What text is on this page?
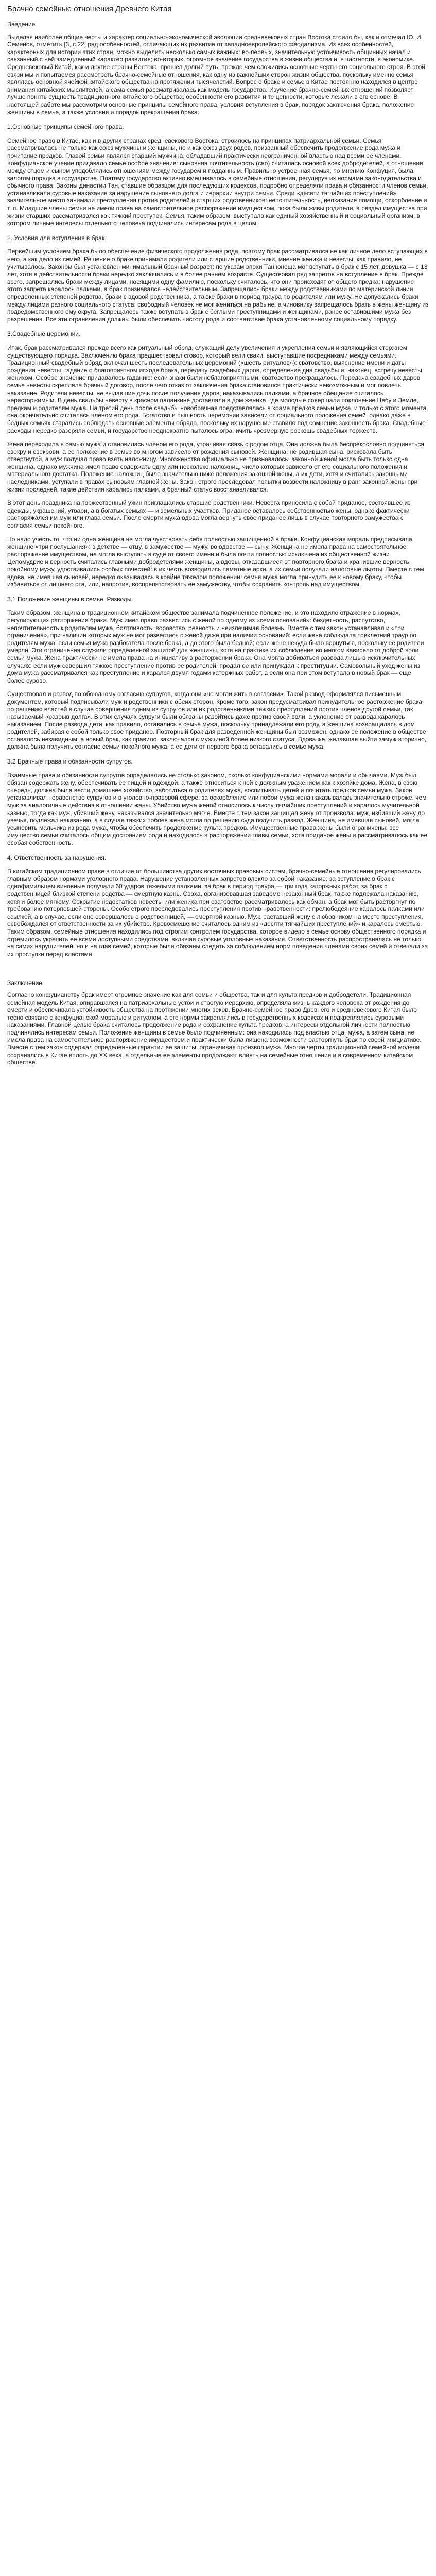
Брачно семейные отношения Древнего Китая
Введение

Выделяя наиболее общие черты и характер социально-экономической эволюции средневековых стран Востока стоило бы, как и отмечал Ю. И. Семенов, отметить [3, с.22] ряд особенностей, отличающих их развитие от западноевропейского феодализма. Из всех особенностей, характерных для истории этих стран, можно выделить несколько самых важных: во-первых, значительную устойчивость общинных начал и связанный с ней замедленный характер развития; во-вторых, огромное значение государства в жизни общества и, в частности, в экономике. Средневековый Китай, как и другие страны Востока, прошел долгий путь, прежде чем сложились основные черты его социального строя. В этой связи мы и попытаемся рассмотреть брачно-семейные отношения, как одну из важнейших сторон жизни общества, поскольку именно семья являлась основной ячейкой китайского общества на протяжении тысячелетий. Вопрос о браке и семье в Китае постоянно находился в центре внимания китайских мыслителей, а сама семья рассматривалась как модель государства. Изучение брачно-семейных отношений позволяет лучше понять сущность традиционного китайского общества, особенности его развития и те ценности, которые лежали в его основе. В настоящей работе мы рассмотрим основные принципы семейного права, условия вступления в брак, порядок заключения брака, положение женщины в семье, а также условия и порядок прекращения брака.

1.Основные принципы семейного права.

Семейное право в Китае, как и в других странах средневекового Востока, строилось на принципах патриархальной семьи. Семья рассматривалась не только как союз мужчины и женщины, но и как союз двух родов, призванный обеспечить продолжение рода мужа и почитание предков. Главой семьи являлся старший мужчина, обладавший практически неограниченной властью над всеми ее членами. Конфуцианское учение придавало семье особое значение: сыновняя почтительность (сяо) считалась основой всех добродетелей, а отношения между отцом и сыном уподоблялись отношениям между государем и подданным. Правильно устроенная семья, по мнению Конфуция, была залогом порядка в государстве. Поэтому государство активно вмешивалось в семейные отношения, регулируя их нормами законодательства и обычного права. Законы династии Тан, ставшие образцом для последующих кодексов, подробно определяли права и обязанности членов семьи, устанавливали суровые наказания за нарушение сыновнего долга и иерархии внутри семьи. Среди «десяти тягчайших преступлений» значительное место занимали преступления против родителей и старших родственников: непочтительность, неоказание помощи, оскорбление и т. п. Младшие члены семьи не имели права на самостоятельное распоряжение имуществом, пока были живы родители, а раздел имущества при жизни старших рассматривался как тяжкий проступок. Семья, таким образом, выступала как единый хозяйственный и социальный организм, в котором личные интересы отдельного человека подчинялись интересам рода в целом.

2. Условия для вступления в брак.

Первейшим условием брака было обеспечение физического продолжения рода, поэтому брак рассматривался не как личное дело вступающих в него, а как дело их семей. Решение о браке принимали родители или старшие родственники, мнение жениха и невесты, как правило, не учитывалось. Законом был установлен минимальный брачный возраст: по указам эпохи Тан юноша мог вступать в брак с 15 лет, девушка — с 13 лет, хотя в действительности браки нередко заключались и в более раннем возрасте. Существовал ряд запретов на вступление в брак. Прежде всего, запрещались браки между лицами, носящими одну фамилию, поскольку считалось, что они происходят от общего предка; нарушение этого запрета каралось палками, а брак признавался недействительным. Запрещались браки между родственниками по материнской линии определенных степеней родства, браки с вдовой родственника, а также браки в период траура по родителям или мужу. Не допускались браки между лицами разного социального статуса: свободный человек не мог жениться на рабыне, а чиновнику запрещалось брать в жены женщину из подведомственного ему округа. Запрещалось также вступать в брак с беглыми преступницами и женщинами, ранее оставившими мужа без разрешения. Все эти ограничения должны были обеспечить чистоту рода и соответствие брака установленному социальному порядку.

3.Свадебные церемонии.

Итак, брак рассматривался прежде всего как ритуальный обряд, служащий делу увеличения и укрепления семьи и являющийся стержнем существующего порядка. Заключению брака предшествовал сговор, который вели свахи, выступавшие посредниками между семьями. Традиционный свадебный обряд включал шесть последовательных церемоний («шесть ритуалов»): сватовство, выяснение имени и даты рождения невесты, гадание о благоприятном исходе брака, передачу свадебных даров, определение дня свадьбы и, наконец, встречу невесты женихом. Особое значение придавалось гаданию: если знаки были неблагоприятными, сватовство прекращалось. Передача свадебных даров семье невесты скрепляла брачный договор, после чего отказ от заключения брака становился практически невозможным и мог повлечь наказание. Родители невесты, не выдавшие дочь после получения даров, наказывались палками, а брачное обещание считалось нерасторжимым. В день свадьбы невесту в красном паланкине доставляли в дом жениха, где молодые совершали поклонение Небу и Земле, предкам и родителям мужа. На третий день после свадьбы новобрачная представлялась в храме предков семьи мужа, и только с этого момента она окончательно считалась членом его рода. Богатство и пышность церемонии зависели от социального положения семей, однако даже в бедных семьях старались соблюдать основные элементы обряда, поскольку их нарушение ставило под сомнение законность брака. Свадебные расходы нередко разоряли семьи, и государство неоднократно пыталось ограничить чрезмерную роскошь свадебных торжеств.

Жена переходила в семью мужа и становилась членом его рода, утрачивая связь с родом отца. Она должна была беспрекословно подчиняться свекру и свекрови, а ее положение в семье во многом зависело от рождения сыновей. Женщина, не родившая сына, рисковала быть отвергнутой, а муж получал право взять наложницу. Многоженство официально не признавалось: законной женой могла быть только одна женщина, однако мужчина имел право содержать одну или несколько наложниц, число которых зависело от его социального положения и материального достатка. Положение наложниц было значительно ниже положения законной жены, а их дети, хотя и считались законными наследниками, уступали в правах сыновьям главной жены. Закон строго преследовал попытки возвести наложницу в ранг законной жены при жизни последней, такие действия карались палками, а брачный статус восстанавливался.

В этот день праздника на торжественный ужин приглашались старшие родственники. Невеста приносила с собой приданое, состоявшее из одежды, украшений, утвари, а в богатых семьях — и земельных участков. Приданое оставалось собственностью жены, однако фактически распоряжался им муж или глава семьи. После смерти мужа вдова могла вернуть свое приданое лишь в случае повторного замужества с согласия семьи покойного.

Но надо учесть то, что ни одна женщина не могла чувствовать себя полностью защищенной в браке. Конфуцианская мораль предписывала женщине «три послушания»: в детстве — отцу, в замужестве — мужу, во вдовстве — сыну. Женщина не имела права на самостоятельное распоряжение имуществом, не могла выступать в суде от своего имени и была почти полностью исключена из общественной жизни. Целомудрие и верность считались главными добродетелями женщины, а вдовы, отказавшиеся от повторного брака и хранившие верность покойному мужу, удостаивались особых почестей: в их честь возводились памятные арки, а их семьи получали налоговые льготы. Вместе с тем вдова, не имевшая сыновей, нередко оказывалась в крайне тяжелом положении: семья мужа могла принудить ее к новому браку, чтобы избавиться от лишнего рта, или, напротив, воспрепятствовать ее замужеству, чтобы сохранить контроль над имуществом.

3.1 Положение женщины в семье. Разводы.

Таким образом, женщина в традиционном китайском обществе занимала подчиненное положение, и это находило отражение в нормах, регулирующих расторжение брака. Муж имел право развестись с женой по одному из «семи оснований»: бездетность, распутство, непочтительность к родителям мужа, болтливость, воровство, ревность и неизлечимая болезнь. Вместе с тем закон устанавливал и «три ограничения», при наличии которых муж не мог развестись с женой даже при наличии оснований: если жена соблюдала трехлетний траур по родителям мужа; если семья мужа разбогатела после брака, а до этого была бедной; если жене некуда было вернуться, поскольку ее родители умерли. Эти ограничения служили определенной защитой для женщины, хотя на практике их соблюдение во многом зависело от доброй воли семьи мужа. Жена практически не имела права на инициативу в расторжении брака. Она могла добиваться развода лишь в исключительных случаях: если муж совершил тяжкое преступление против ее родителей, продал ее или принуждал к проституции. Самовольный уход жены из дома мужа рассматривался как преступление и карался двумя годами каторжных работ, а если она при этом вступала в новый брак — еще более сурово.

Существовал и развод по обоюдному согласию супругов, когда они «не могли жить в согласии». Такой развод оформлялся письменным документом, который подписывали муж и родственники с обеих сторон. Кроме того, закон предусматривал принудительное расторжение брака по решению властей в случае совершения одним из супругов или их родственниками тяжких преступлений против членов другой семьи, так называемый «разрыв долга». В этих случаях супруги были обязаны разойтись даже против своей воли, а уклонение от развода каралось наказанием. После развода дети, как правило, оставались в семье мужа, поскольку принадлежали его роду, а женщина возвращалась в дом родителей, забирая с собой только свое приданое. Повторный брак для разведенной женщины был возможен, однако ее положение в обществе оставалось незавидным, а новый брак, как правило, заключался с мужчиной более низкого статуса. Вдова же, желавшая выйти замуж вторично, должна была получить согласие семьи покойного мужа, а ее дети от первого брака оставались в семье мужа.

3.2 Брачные права и обязанности супругов.

Взаимные права и обязанности супругов определялись не столько законом, сколько конфуцианскими нормами морали и обычаями. Муж был обязан содержать жену, обеспечивать ее пищей и одеждой, а также относиться к ней с должным уважением как к хозяйке дома. Жена, в свою очередь, должна была вести домашнее хозяйство, заботиться о родителях мужа, воспитывать детей и почитать предков семьи мужа. Закон устанавливал неравенство супругов и в уголовно-правовой сфере: за оскорбление или побои мужа жена наказывалась значительно строже, чем муж за аналогичные действия в отношении жены. Убийство мужа женой относилось к числу тягчайших преступлений и каралось мучительной казнью, тогда как муж, убивший жену, наказывался значительно мягче. Вместе с тем закон защищал жену от произвола: муж, избивший жену до увечья, подлежал наказанию, а в случае тяжких побоев жена могла по решению суда получить развод. Женщина, не имевшая сыновей, могла усыновить мальчика из рода мужа, чтобы обеспечить продолжение культа предков. Имущественные права жены были ограничены: все имущество семьи считалось общим достоянием рода и находилось в распоряжении главы семьи, хотя приданое жены и рассматривалось как ее особая собственность.

4. Ответственность за нарушения.

В китайском традиционном праве в отличие от большинства других восточных правовых систем, брачно-семейные отношения регулировались главным образом нормами уголовного права. Нарушение установленных запретов влекло за собой наказание: за вступление в брак с однофамильцем виновные получали 60 ударов тяжелыми палками, за брак в период траура — три года каторжных работ, за брак с родственницей близкой степени родства — смертную казнь. Сваха, организовавшая заведомо незаконный брак, также подлежала наказанию, хотя и более мягкому. Сокрытие недостатков невесты или жениха при сватовстве рассматривалось как обман, а брак мог быть расторгнут по требованию потерпевшей стороны. Особо строго преследовались преступления против нравственности: прелюбодеяние каралось палками или ссылкой, а в случае, если оно совершалось с родственницей, — смертной казнью. Муж, заставший жену с любовником на месте преступления, освобождался от ответственности за их убийство. Кровосмешение считалось одним из «десяти тягчайших преступлений» и каралось смертью. Таким образом, семейные отношения находились под строгим контролем государства, которое видело в семье основу общественного порядка и стремилось укрепить ее всеми доступными средствами, включая суровые уголовные наказания. Ответственность распространялась не только на самих нарушителей, но и на глав семей, которые были обязаны следить за соблюдением норм поведения членами своих семей и отвечали за их проступки перед властями.

Заключение

Согласно конфуцианству брак имеет огромное значение как для семьи и общества, так и для культа предков и добродетели. Традиционная семейная модель Китая, опиравшаяся на патриархальные устои и строгую иерархию, определяла жизнь каждого человека от рождения до смерти и обеспечивала устойчивость общества на протяжении многих веков. Брачно-семейное право Древнего и средневекового Китая было тесно связано с конфуцианской моралью и ритуалом, а его нормы закреплялись в государственных кодексах и подкреплялись суровыми наказаниями. Главной целью брака считалось продолжение рода и сохранение культа предков, а интересы отдельной личности полностью подчинялись интересам семьи. Положение женщины в семье было подчиненным: она находилась под властью отца, мужа, а затем сына, не имела права на самостоятельное распоряжение имуществом и практически была лишена возможности расторгнуть брак по своей инициативе. Вместе с тем закон содержал определенные гарантии ее защиты, ограничивая произвол мужа. Многие черты традиционной семейной модели сохранялись в Китае вплоть до XX века, а отдельные ее элементы продолжают влиять на семейные отношения и в современном китайском обществе.
